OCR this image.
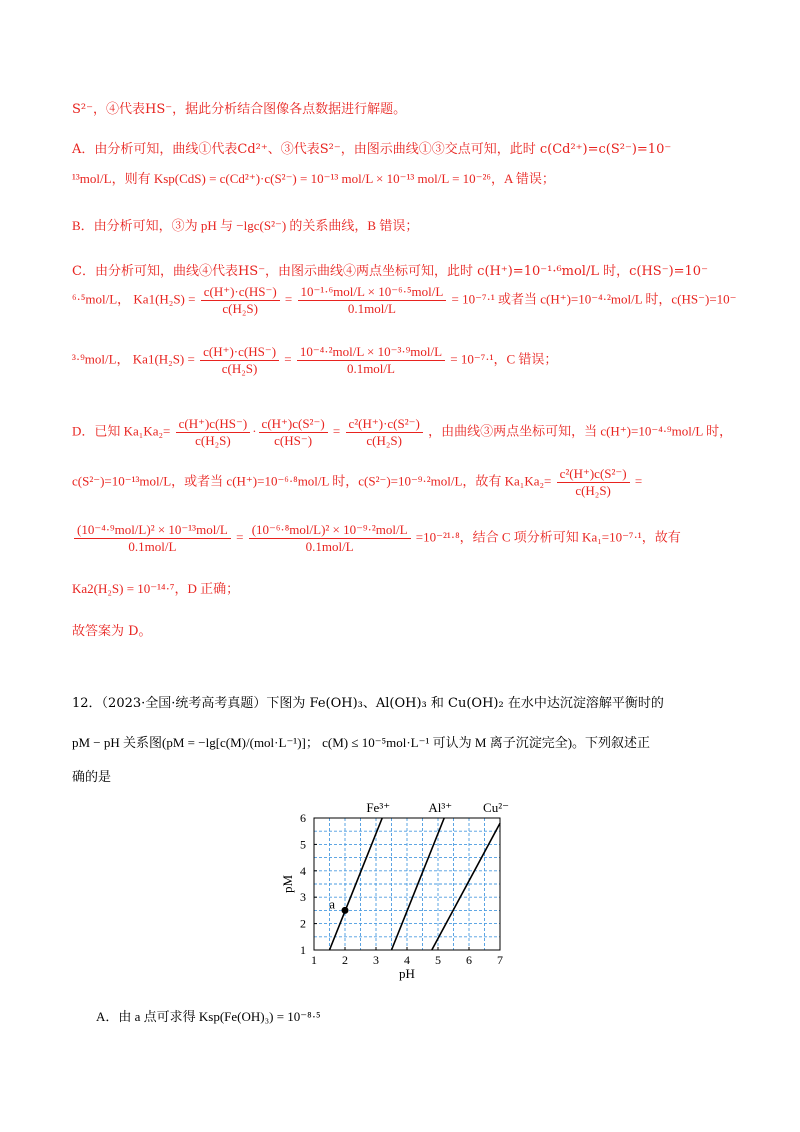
S²⁻，④代表HS⁻，据此分析结合图像各点数据进行解题。
A．由分析可知，曲线①代表Cd²⁺、③代表S²⁻，由图示曲线①③交点可知，此时 c(Cd²⁺)=c(S²⁻)=10⁻
¹³mol/L，则有 Ksp(CdS) = c(Cd²⁺)·c(S²⁻) = 10⁻¹³ mol/L × 10⁻¹³ mol/L = 10⁻²⁶，A 错误；
B．由分析可知，③为 pH 与 −lgc(S²⁻) 的关系曲线，B 错误；
C．由分析可知，曲线④代表HS⁻，由图示曲线④两点坐标可知，此时 c(H⁺)=10⁻¹·⁶mol/L 时，c(HS⁻)=10⁻
⁶·⁵mol/L， $Ka1(H_2S) = \frac{c(H^+)\cdot c(HS^-)}{\text{c(H₂S)}} = \frac{\text{10⁻¹·⁶mol/L × 10⁻⁶·⁵mol/L}}{\text{0.1mol/L}} = 10^{-7}\cdot^1$ 或者当 c(H⁺)=10⁻⁴·²mol/L 时，c(HS⁻)=10⁻
³·⁹mol/L， $Ka1(H_2S) = \frac{c(H^+)\cdot c(HS^-)}{\text{c(H₂S)}} = \frac{\text{10⁻⁴·²mol/L × 10⁻³·⁹mol/L}}{\text{0.1mol/L}} = 10^{-7}\cdot^1$，C 错误；
D．已知 $Ka_1Ka_2= \frac{c(H^+)c(HS^-)}{\text{c(H₂S)}} \cdot \frac{\text{c(H⁺)c(S²⁻)}}{c(HS^-)} = \frac{\text{c²(H⁺)·c(S²⁻)}}{\text{c(H₂S)}}$ ，由曲线③两点坐标可知，当 c(H⁺)=10⁻⁴·⁹mol/L 时，
c(S²⁻)=10⁻¹³mol/L，或者当 c(H⁺)=10⁻⁶·⁸mol/L 时，c(S²⁻)=10⁻⁹·²mol/L，故有 $Ka_1Ka_2= \frac{\text{c²(H⁺)c(S²⁻)}}{\text{c(H₂S)}}$ =
$\frac{\text{(10⁻⁴·⁹mol/L)² × 10⁻¹³mol/L}}{\text{0.1mol/L}} = \frac{\text{(10⁻⁶·⁸mol/L)² × 10⁻⁹·²mol/L}}{\text{0.1mol/L}} =10^{-21}\cdot^8$，结合 C 项分析可知 Ka₁=10⁻⁷·¹，故有
Ka2(H₂S) = 10⁻¹⁴·⁷，D 正确；
故答案为 D。
12．（2023·全国·统考高考真题）下图为 Fe(OH)₃、Al(OH)₃ 和 Cu(OH)₂ 在水中达沉淀溶解平衡时的
pM − pH 关系图(pM = −lg[c(M)/(mol·L⁻¹)]； c(M) ≤ 10⁻⁵mol·L⁻¹ 可认为 M 离子沉淀完全)。下列叙述正
确的是
1 2 3 4 5 6 7
1
2
3
4
5
6
pH
pM
Fe³⁺	Al³⁺ Cu²⁻
a
A．由 a 点可求得 Ksp(Fe(OH)₃) = 10⁻⁸·⁵
